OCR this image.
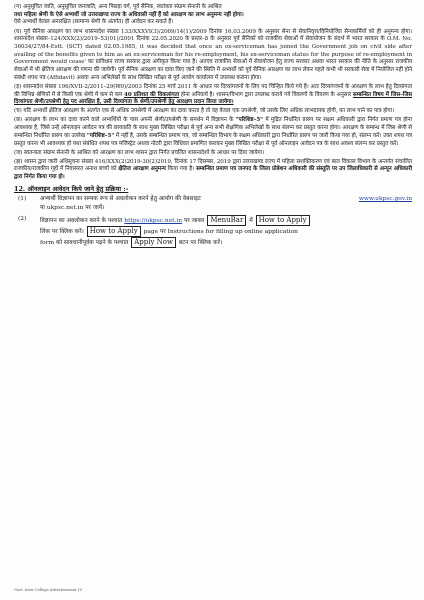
(ग) अनुसूचित जाति, अनुसूचित जनजाति, अन्य पिछड़ा वर्ग, पूर्व सैनिक, स्वतंत्रता संग्राम सेनानी के आश्रित
तथा महिला श्रेणी के ऐसे अभ्यर्थी जो उत्तराखण्ड राज्य के अधिवासी नहीं हैं को आरक्षण का लाभ अनुमन्य नहीं होगा।
ऐसे अभ्यर्थी केवल अनारक्षित (सामान्य श्रेणी के अंतर्गत) ही आवेदन कर सकते हैं।

(घ) पूर्व सैनिक आरक्षण का लाभ शासनादेश संख्या 133/XXXVI(3)/2009/14(1)/2009 दिनांक 16.03.2009 के अनुसार सेना से सेवानिवृत्त/विनियोजित सैन्यकर्मियों को ही अनुमन्य होगा। शासनादेश संख्या–124/XXX(2)/2019–53(01)/2001 दिनांक 22.05.2020 के प्रस्तर–8 के अनुसार पूर्व सैनिकों को राजकीय सेवाओं में सेवायोजन के संदर्भ में भारत सरकार के O.M. No. 36034/27/84-Estt. (SCT) dated 02.05.1985, it was decided that once an ex-serviceman has joined the Government job on civil side after availing of the benefits given to him as an ex-serviceman for his re-employment, his ex-serviceman status for the purpose of re-employment in Government would cease' का प्राविधान राज्य सरकार द्वारा अंगीकृत किया गया है। अतएव राजकीय सेवाओं में सेवायोजन हेतु राज्य सरकार अथवा भारत सरकार की नीति के अनुसार राजकीय सेवाओं में भी क्षैतिज आरक्षण की गणना की जायेगी। पूर्व सैनिक आरक्षण का दावा किए जाने की स्थिति में अभ्यर्थी को पूर्व सैनिक आरक्षण का लाभ लेकर पहले कभी भी सरकारी सेवा में नियोजित नहीं होने संबंधी शपथ पत्र (Affidavit) अथवा अन्य अभिलेखों के साथ लिखित परीक्षा से पूर्व आयोग कार्यालय में उपलब्ध कराना होगा।

(ड़) शासनादेश संख्या 196/XVII-2/2011–29(सा0)/2003 दिनांक 25 मार्च 2011 के आधार पर दिव्यांगजनों के लिए पद चिन्हित किये गये हैं। अतः दिव्यांगजनों के आरक्षण के लाभ हेतु दिव्यांगता की विभिन्न श्रेणियों में से किसी एक श्रेणी में कम से कम 40 प्रतिशत की विकलांगता होना अनिवार्य है। शासन/विभाग द्वारा उपलब्ध कराये गये विवरणों के विवरण के अनुसार सम्बन्धित विषय में जिस–जिस दिव्यांगता श्रेणी/उपश्रेणी हेतु पद आरक्षित है, उसी दिव्यांगता के श्रेणी/उपश्रेणी हेतु आरक्षण प्रदान किया जायेगा।

(च) यदि अभ्यर्थी क्षैतिज आरक्षण के अंतर्गत एक से अधिक उपश्रेणी में आरक्षण का दावा करता है तो वह केवल एक उपश्रेणी, जो उसके लिए अधिक लाभदायक होगी, का लाभ पाने का पात्र होगा।

(छ) आरक्षण के लाभ का दावा करने वाले अभ्यर्थियों के पास अपनी श्रेणी/उपश्रेणी के समर्थन में विज्ञापन के "परिशिष्ट–5" में मुद्रित निर्धारित प्रारुप पर सक्षम अधिकारी द्वारा निर्गत प्रमाण पत्र होना आवश्यक है, जिसे उन्हें ऑनलाइन आवेदन पत्र की छायाप्रति के साथ मुख्य लिखित परीक्षा से पूर्व अन्य सभी शैक्षणिक अभिलेखों के साथ संलग्न कर प्रस्तुत करना होगा। आरक्षण के सम्बन्ध में जिस श्रेणी से सम्बन्धित निर्धारित प्रारुप का उल्लेख "परिशिष्ट–5" में नहीं है, उसके सम्बन्धित प्रमाण पत्र, जो सम्बन्धित विभाग के सक्षम अधिकारी द्वारा निर्धारित प्रारुप पर जारी किया गया हो, संलग्न करें। उक्त शपथ पत्र प्रस्तुत करना भी आवश्यक हो यथा संबंधित शपथ पत्र मजिस्ट्रेट अथवा नोटरी द्वारा विधिवत प्रमाणित कराकर मुख्य लिखित परीक्षा से पूर्व ऑनलाइन आवेदन पत्र के साथ अवश्य संलग्न कर प्रस्तुत करें।

(ज) स्वतन्त्रता संग्राम सेनानी के आश्रित को आरक्षण का लाभ शासन द्वारा निर्गत प्रचलित शासनादेशों के आधार पर दिया जायेगा।

(झ) शासन द्वारा जारी अधिसूचना संख्या 416/XXX(2)2019-30(2)2019, दिनांक 17 दिसम्बर, 2019 द्वारा उत्तराखण्ड राज्य में महिला सशक्तिकरण एवं बाल विकास विभाग के अन्तर्गत संचालित राजकीय/राजकीय गृहों में निवासरत अनाथ बच्चों को क्षैतिज आरक्षण अनुमन्य किया गया है। सम्बन्धित प्रमाण पत्र जनपद के जिला प्रोबेशन अधिकारी की संस्तुति पर उप जिलाधिकारी से अन्यून अधिकारी द्वारा निर्गत किया गया हो।

12. ऑनलाइन आवेदन किये जाने हेतु प्रक्रिया :-
(1)	अभ्यर्थी विज्ञापन का सम्यक रूप से अवलोकन करने हेतु आयोग की वेबसाइट	www.ukpsc.gov.in

या ukpsc.net.in पर जायें।
(2)	विज्ञापन का अवलोकन करने के पश्चात https://ukpsc.net.in पर जाकर MenuBar में How to Apply
लिंक पर क्लिक करें। How to Apply page पर Instructions for filling up online application
form को सावधानीपूर्वक पढ़ने के पश्चात Apply Now बटन पर क्लिक करें।
Govt. Inter College Advertisement 10
